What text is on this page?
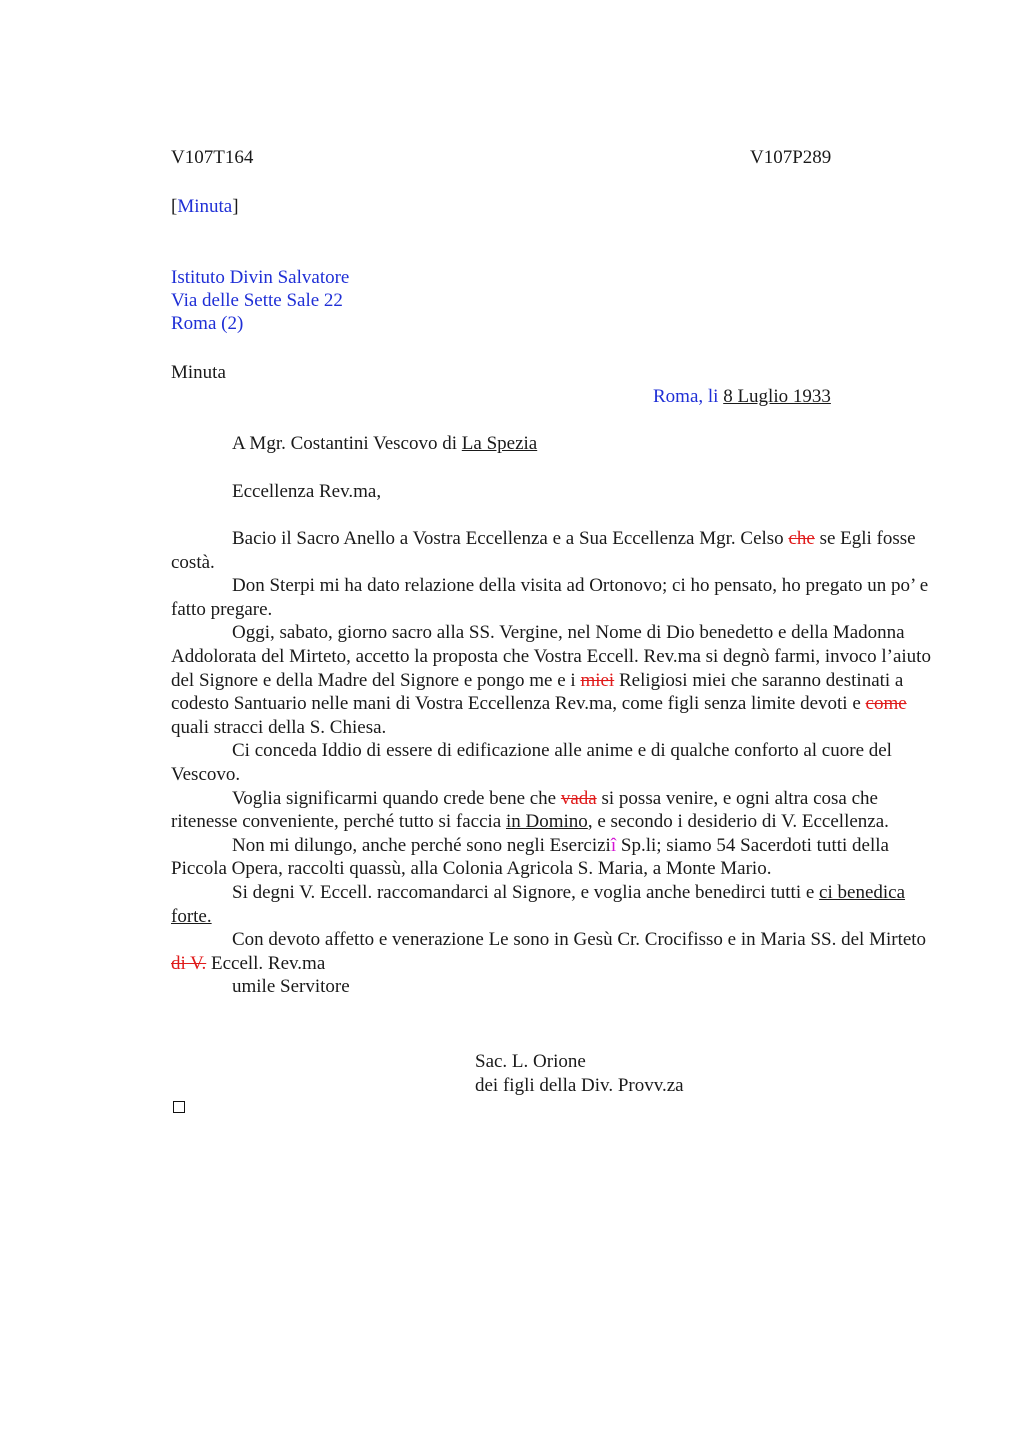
V107T164	V107P289
[Minuta]
Istituto Divin Salvatore
Via delle Sette Sale 22
Roma (2)
Minuta
Roma, li 8 Luglio 1933
A Mgr. Costantini Vescovo di La Spezia
Eccellenza Rev.ma,

Bacio il Sacro Anello a Vostra Eccellenza e a Sua Eccellenza Mgr. Celso che se Egli fosse costà.

Don Sterpi mi ha dato relazione della visita ad Ortonovo; ci ho pensato, ho pregato un po’ e fatto pregare.

Oggi, sabato, giorno sacro alla SS. Vergine, nel Nome di Dio benedetto e della Madonna Addolorata del Mirteto, accetto la proposta che Vostra Eccell. Rev.ma si degnò farmi, invoco l’aiuto del Signore e della Madre del Signore e pongo me e i miei Religiosi miei che saranno destinati a codesto Santuario nelle mani di Vostra Eccellenza Rev.ma, come figli senza limite devoti e come quali stracci della S. Chiesa.

Ci conceda Iddio di essere di edificazione alle anime e di qualche conforto al cuore del Vescovo.

Voglia significarmi quando crede bene che vada si possa venire, e ogni altra cosa che ritenesse conveniente, perché tutto si faccia in Domino, e secondo i desiderio di V. Eccellenza.

Non mi dilungo, anche perché sono negli Eserciziî Sp.li; siamo 54 Sacerdoti tutti della Piccola Opera, raccolti quassù, alla Colonia Agricola S. Maria, a Monte Mario.

Si degni V. Eccell. raccomandarci al Signore, e voglia anche benedirci tutti e ci benedica forte.

Con devoto affetto e venerazione Le sono in Gesù Cr. Crocifisso e in Maria SS. del Mirteto di V. Eccell. Rev.ma

umile Servitore

Sac. L. Orione
dei figli della Div. Provv.za
